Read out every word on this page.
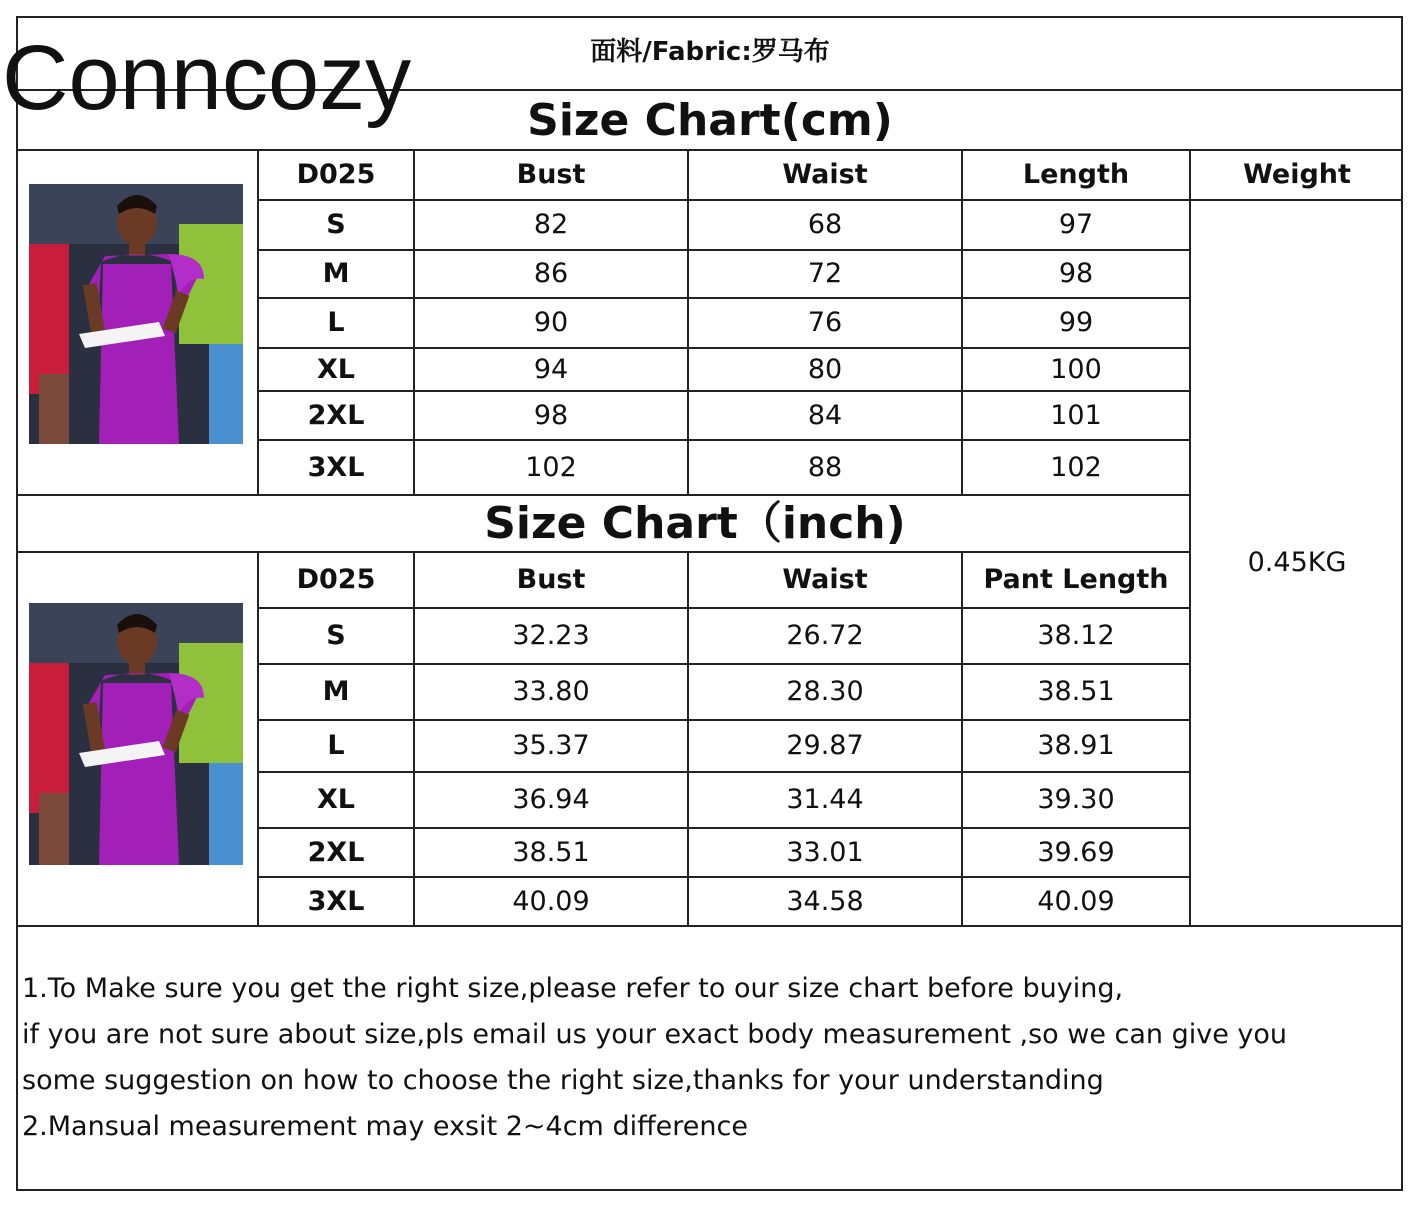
Conncozy	面料/Fabric:罗马布
Size Chart(cm)
D025	Bust	Waist	Length	Weight
S	82	68	97
M	86	72	98
L	90	76	99
XL	94	80	100
2XL	98	84	101
3XL	102	88	102
0.45KG
Size Chart（inch)
D025	Bust	Waist	Pant Length
S	32.23	26.72	38.12
M	33.80	28.30	38.51
L	35.37	29.87	38.91
XL	36.94	31.44	39.30
2XL	38.51	33.01	39.69
3XL	40.09	34.58	40.09
1.To Make sure you get the right size,please refer to our size chart before buying,
if you are not sure about size,pls email us your exact body measurement ,so we can give you
some suggestion on how to choose the right size,thanks for your understanding
2.Mansual measurement may exsit 2~4cm difference
